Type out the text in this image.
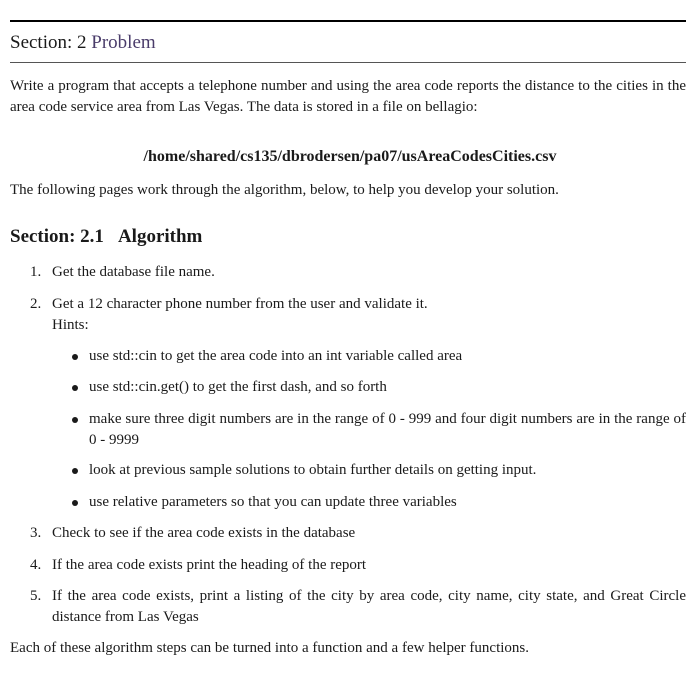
Section: 2 Problem
Write a program that accepts a telephone number and using the area code reports the distance to the cities in the area code service area from Las Vegas. The data is stored in a file on bellagio:
/home/shared/cs135/dbrodersen/pa07/usAreaCodesCities.csv
The following pages work through the algorithm, below, to help you develop your solution.
Section: 2.1 Algorithm
1. Get the database file name.
2. Get a 12 character phone number from the user and validate it.
Hints:
use std::cin to get the area code into an int variable called area
use std::cin.get() to get the first dash, and so forth
make sure three digit numbers are in the range of 0 - 999 and four digit numbers are in the range of 0 - 9999
look at previous sample solutions to obtain further details on getting input.
use relative parameters so that you can update three variables
3. Check to see if the area code exists in the database
4. If the area code exists print the heading of the report
5. If the area code exists, print a listing of the city by area code, city name, city state, and Great Circle distance from Las Vegas
Each of these algorithm steps can be turned into a function and a few helper functions.
